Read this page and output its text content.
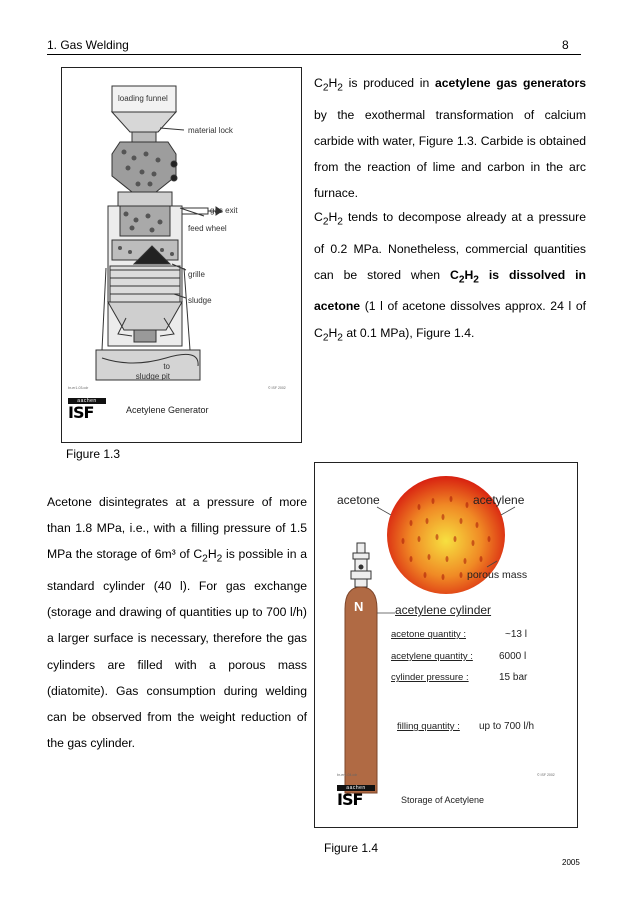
1. Gas Welding	8

$C_2H_2$ is produced in acetylene gas generators by the exothermal transformation of calcium carbide with water, Figure 1.3. Carbide is obtained from the reaction of lime and carbon in the arc furnace.

$C_2H_2$ tends to decompose already at a pressure of 0.2 MPa. Nonetheless, commercial quantities can be stored when $C_2H_2$ is dissolved in acetone (1 l of acetone dissolves approx. 24 l of $C_2H_2$ at 0.1 MPa), Figure 1.4.

Acetone disintegrates at a pressure of more than 1.8 MPa, i.e., with a filling pressure of 1.5 MPa the storage of 6m³ of $C_2H_2$ is possible in a standard cylinder (40 l). For gas exchange (storage and drawing of quantities up to 700 l/h) a larger surface is necessary, therefore the gas cylinders are filled with a porous mass (diatomite). Gas consumption during welding can be observed from the weight reduction of the gas cylinder.

loading funnel
material lock
gas exit
feed wheel
grille
sludge
to
sludge pit
br-er1-03.cdr	© ISF 2002
aachen
ISF	Acetylene Generator
Figure 1.3
acetone	acetylene
porous mass
N	acetylene cylinder
acetone quantity :	~13 l
acetylene quantity :	6000 l
cylinder pressure :	15 bar
filling quantity : up to 700 l/h
br-er1-04.cdr	© ISF 2002
aachen
ISF	Storage of Acetylene
Figure 1.4
2005
